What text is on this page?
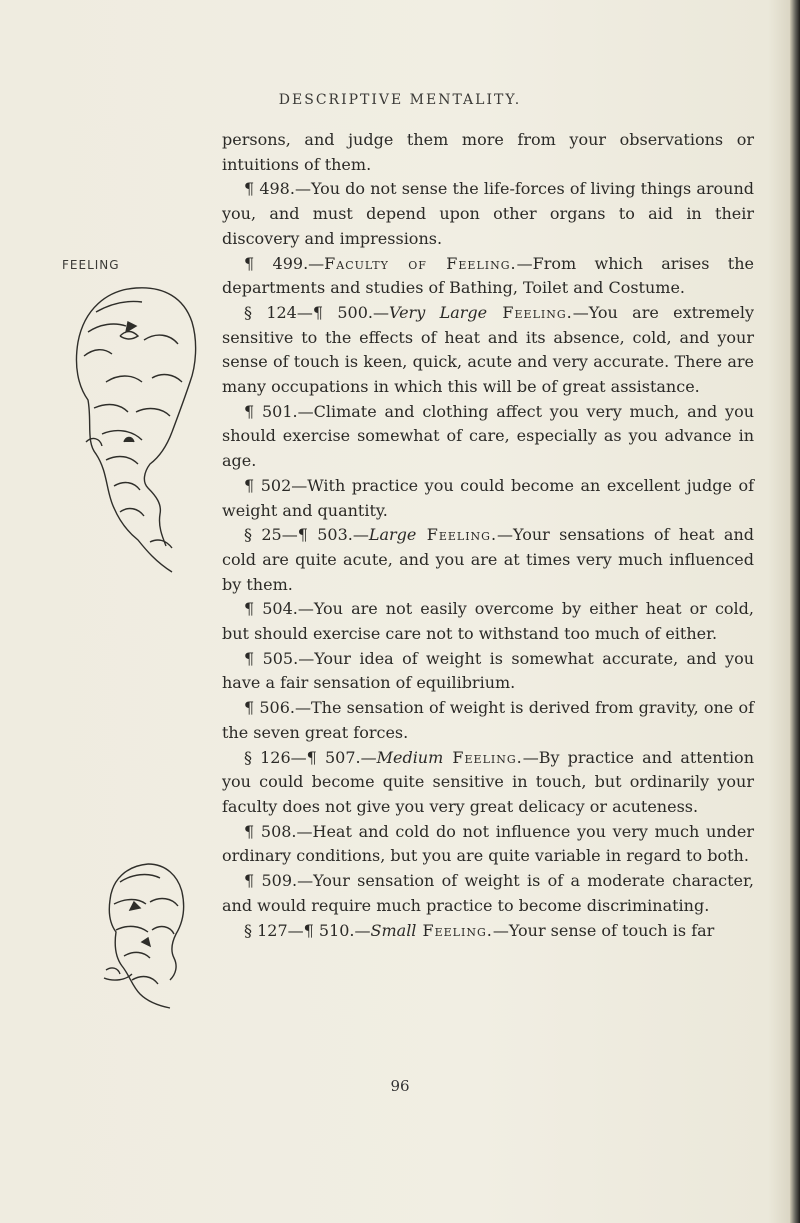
DESCRIPTIVE MENTALITY.
FEELING

persons, and judge them more from your observations or intuitions of them.

¶ 498.—You do not sense the life-forces of living things around you, and must depend upon other organs to aid in their discovery and impressions.

¶ 499.—Faculty of Feeling.—From which arises the departments and studies of Bathing, Toilet and Costume.

§ 124—¶ 500.—Very Large Feeling.—You are extremely sensitive to the effects of heat and its absence, cold, and your sense of touch is keen, quick, acute and very accurate. There are many occupations in which this will be of great assistance.

¶ 501.—Climate and clothing affect you very much, and you should exercise somewhat of care, especially as you advance in age.

¶ 502—With practice you could become an excellent judge of weight and quantity.

§ 25—¶ 503.—Large Feeling.—Your sensations of heat and cold are quite acute, and you are at times very much influenced by them.

¶ 504.—You are not easily overcome by either heat or cold, but should exercise care not to withstand too much of either.

¶ 505.—Your idea of weight is somewhat accurate, and you have a fair sensation of equilibrium.

¶ 506.—The sensation of weight is derived from gravity, one of the seven great forces.

§ 126—¶ 507.—Medium Feeling.—By practice and attention you could become quite sensitive in touch, but ordinarily your faculty does not give you very great delicacy or acuteness.

¶ 508.—Heat and cold do not influence you very much under ordinary conditions, but you are quite variable in regard to both.

¶ 509.—Your sensation of weight is of a moderate character, and would require much practice to become discriminating.

§ 127—¶ 510.—Small Feeling.—Your sense of touch is far

96
